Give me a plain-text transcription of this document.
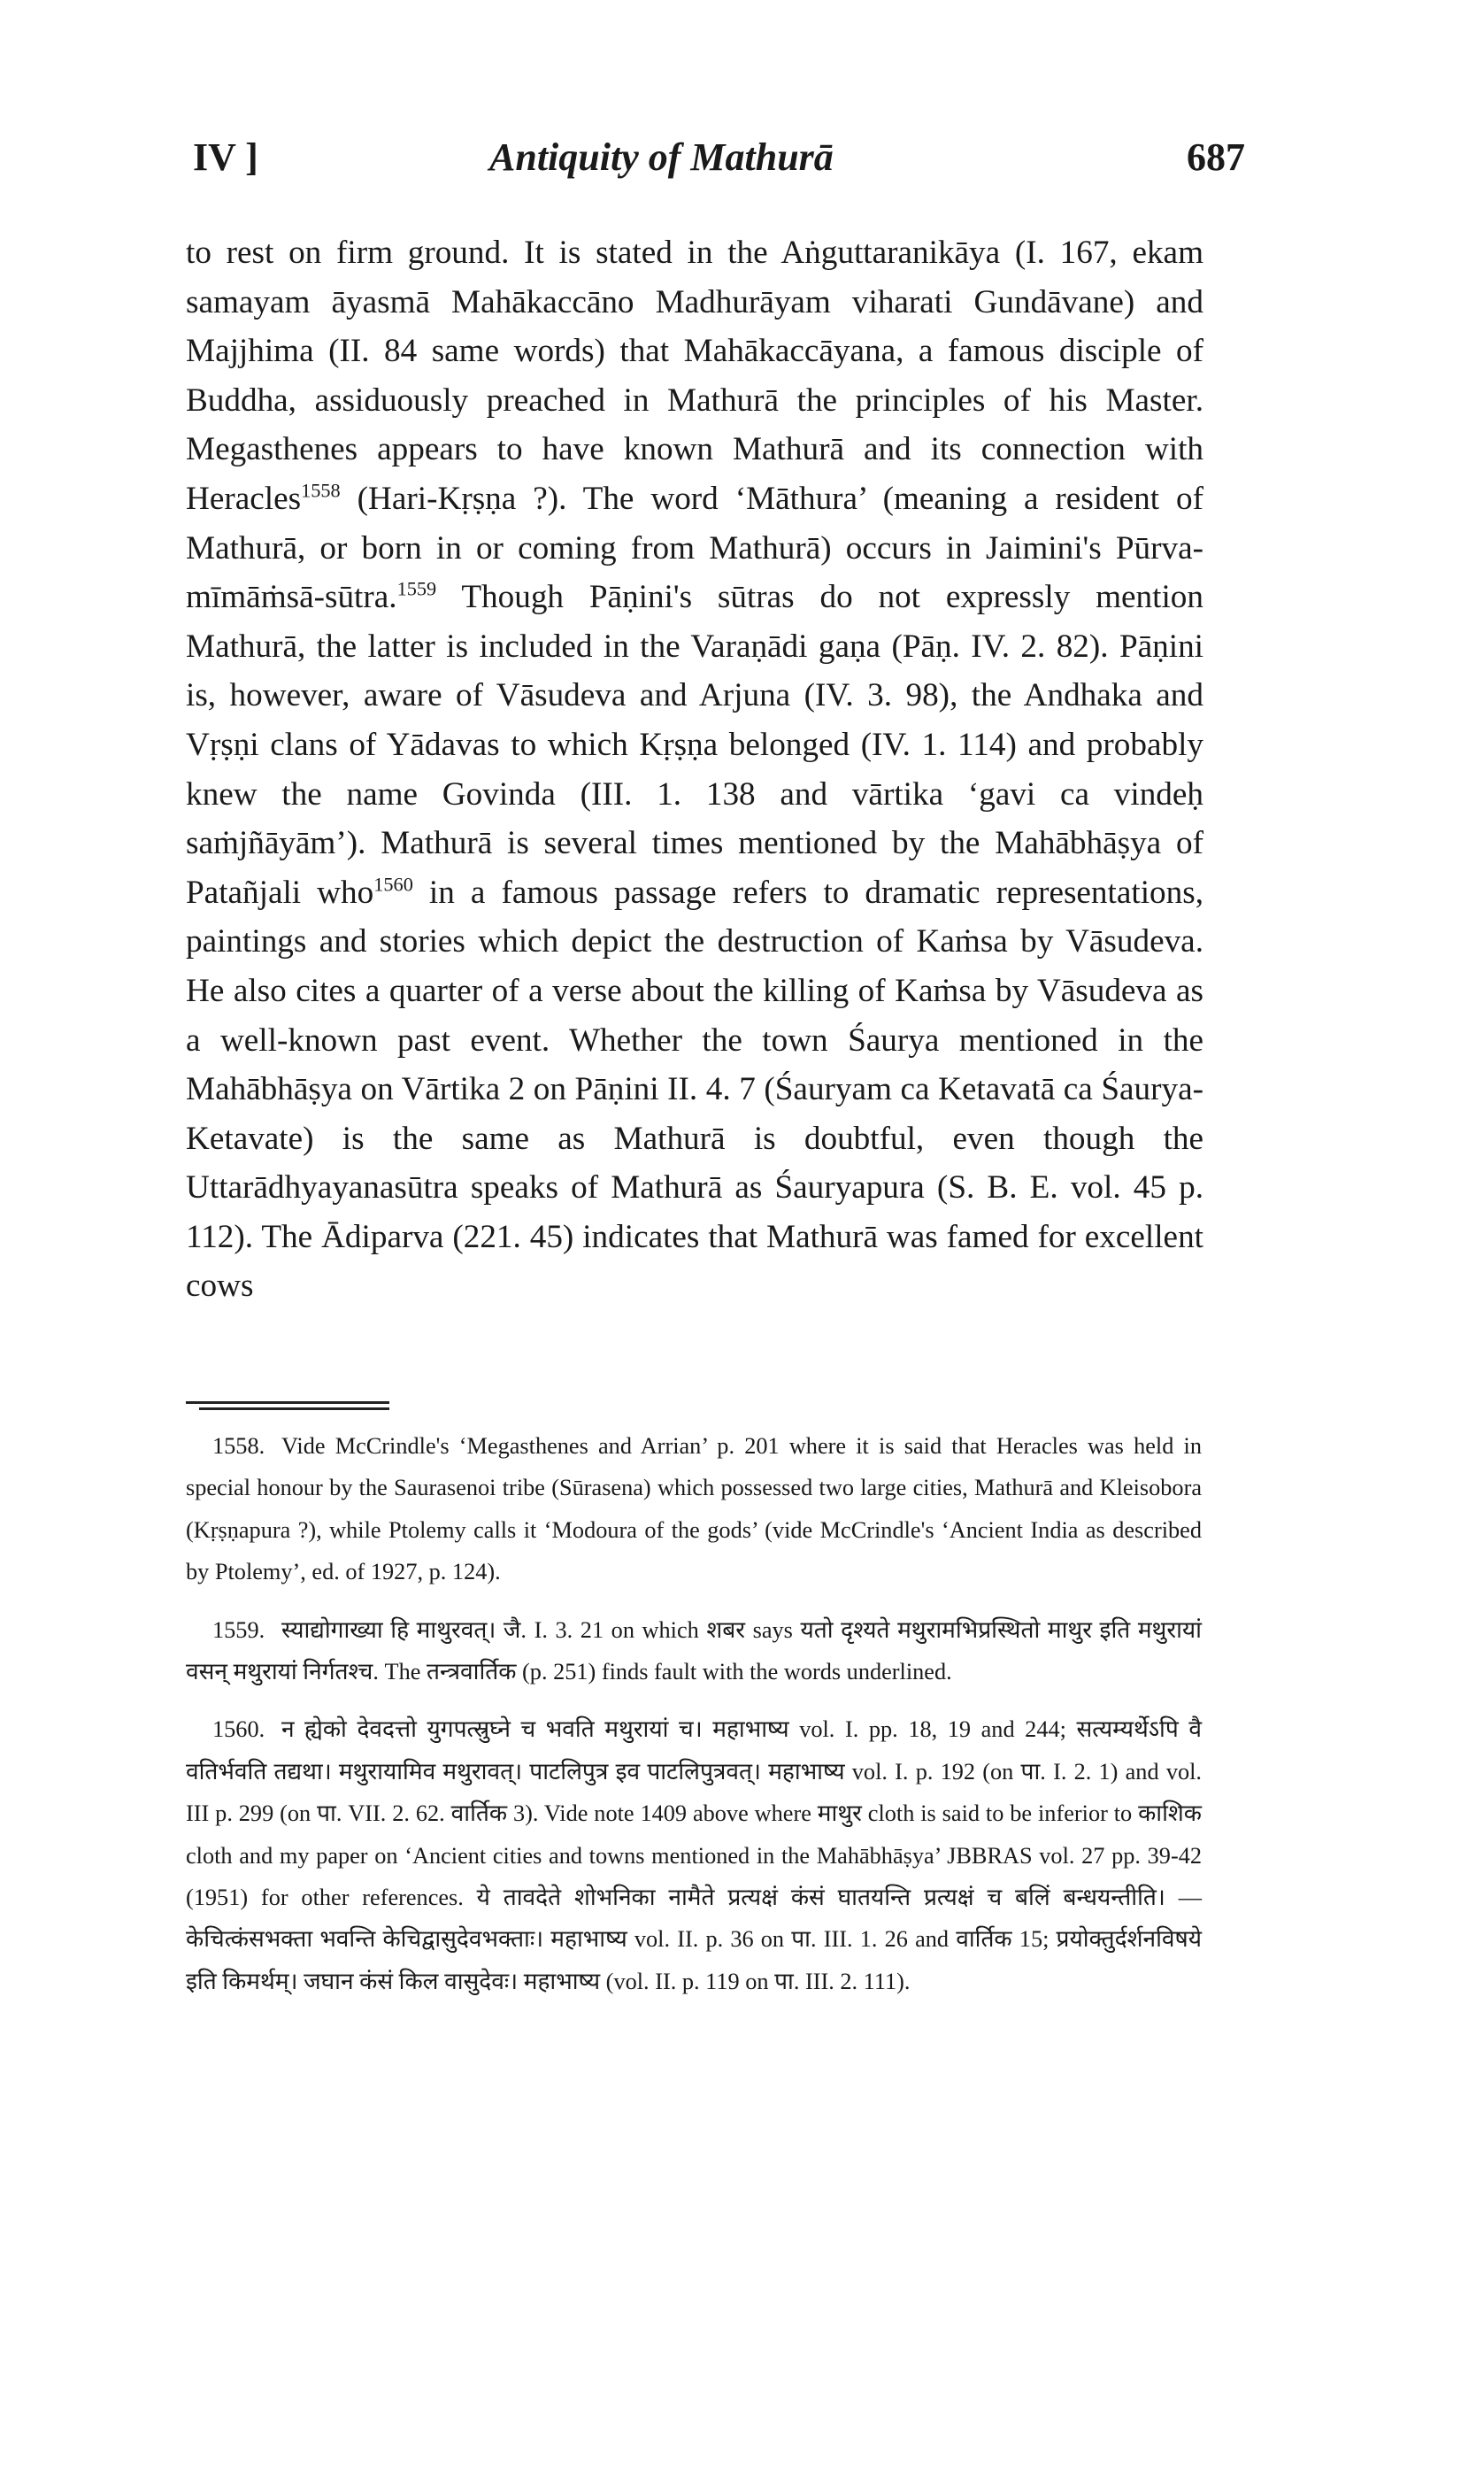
IV ]	Antiquity of Mathurā	687

to rest on firm ground. It is stated in the Aṅguttaranikāya (I. 167, ekam samayam āyasmā Mahākaccāno Madhurāyam viharati Gundāvane) and Majjhima (II. 84 same words) that Mahākaccāyana, a famous disciple of Buddha, assiduously preached in Mathurā the principles of his Master. Megasthenes appears to have known Mathurā and its connection with Heracles$^{1558}$ (Hari-Kṛṣṇa ?). The word ‘Māthura’ (meaning a resident of Mathurā, or born in or coming from Mathurā) occurs in Jaimini's Pūrva-mīmāṁsā-sūtra.$^{1559}$ Though Pāṇini's sūtras do not expressly mention Mathurā, the latter is included in the Varaṇādi gaṇa (Pāṇ. IV. 2. 82). Pāṇini is, however, aware of Vāsudeva and Arjuna (IV. 3. 98), the Andhaka and Vṛṣṇi clans of Yādavas to which Kṛṣṇa belonged (IV. 1. 114) and probably knew the name Govinda (III. 1. 138 and vārtika ‘gavi ca vindeḥ saṁjñāyām’). Mathurā is several times mentioned by the Mahābhāṣya of Patañjali who$^{1560}$ in a famous passage refers to dramatic representations, paintings and stories which depict the destruction of Kaṁsa by Vāsudeva. He also cites a quarter of a verse about the killing of Kaṁsa by Vāsudeva as a well-known past event. Whether the town Śaurya mentioned in the Mahābhāṣya on Vārtika 2 on Pāṇini II. 4. 7 (Śauryam ca Ketavatā ca Śaurya-Ketavate) is the same as Mathurā is doubtful, even though the Uttarādhyayanasūtra speaks of Mathurā as Śauryapura (S. B. E. vol. 45 p. 112). The Ādiparva (221. 45) indicates that Mathurā was famed for excellent cows

1558. Vide McCrindle's ‘Megasthenes and Arrian’ p. 201 where it is said that Heracles was held in special honour by the Saurasenoi tribe (Sūrasena) which possessed two large cities, Mathurā and Kleisobora (Kṛṣṇapura ?), while Ptolemy calls it ‘Modoura of the gods’ (vide McCrindle's ‘Ancient India as described by Ptolemy’, ed. of 1927, p. 124).

1559. स्याद्योगाख्या हि माथुरवत्। जै. I. 3. 21 on which शबर says यतो दृश्यते मथुरामभिप्रस्थितो माथुर इति मथुरायां वसन् मथुरायां निर्गतश्च. The तन्त्रवार्तिक (p. 251) finds fault with the words underlined.

1560. न ह्येको देवदत्तो युगपत्स्रुघ्ने च भवति मथुरायां च। महाभाष्य vol. I. pp. 18, 19 and 244; सत्यम्यर्थेऽपि वै वतिर्भवति तद्यथा। मथुरायामिव मथुरावत्। पाटलिपुत्र इव पाटलिपुत्रवत्। महाभाष्य vol. I. p. 192 (on पा. I. 2. 1) and vol. III p. 299 (on पा. VII. 2. 62. वार्तिक 3). Vide note 1409 above where माथुर cloth is said to be inferior to काशिक cloth and my paper on ‘Ancient cities and towns mentioned in the Mahābhāṣya’ JBBRAS vol. 27 pp. 39-42 (1951) for other references. ये तावदेते शोभनिका नामैते प्रत्यक्षं कंसं घातयन्ति प्रत्यक्षं च बलिं बन्धयन्तीति। — केचित्कंसभक्ता भवन्ति केचिद्वासुदेवभक्ताः। महाभाष्य vol. II. p. 36 on पा. III. 1. 26 and वार्तिक 15; प्रयोक्तुर्दर्शनविषये इति किमर्थम्। जघान कंसं किल वासुदेवः। महाभाष्य (vol. II. p. 119 on पा. III. 2. 111).
